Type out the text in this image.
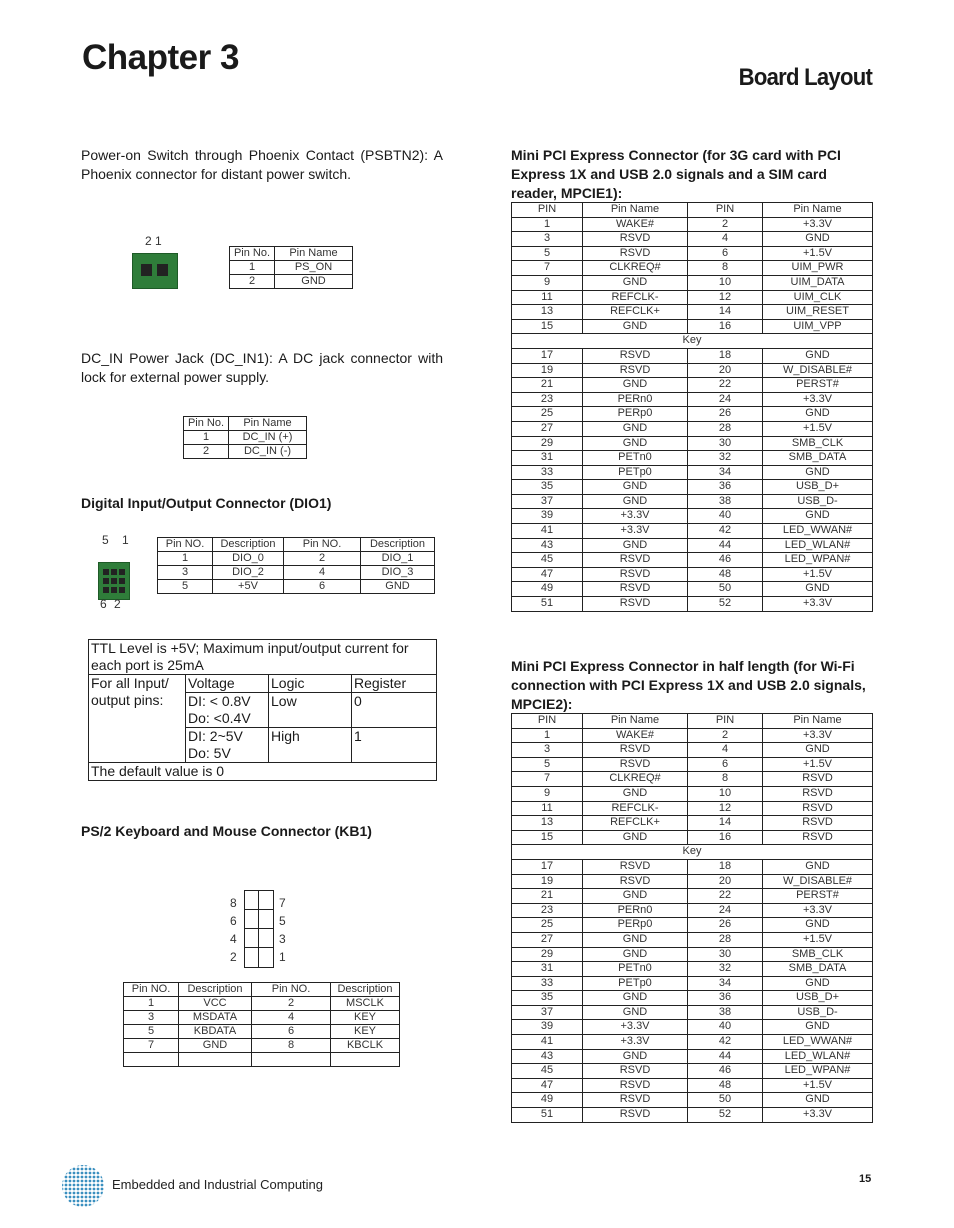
Chapter 3
Board Layout
Power-on Switch through Phoenix Contact (PSBTN2): A Phoenix connector for distant power switch.
2 1
Pin No.	Pin Name
1	PS_ON
2	GND
DC_IN Power Jack (DC_IN1): A DC jack connector with lock for external power supply.
Pin No.	Pin Name
1	DC_IN (+)
2	DC_IN (-)
Digital Input/Output Connector (DIO1)
5 1
6 2
Pin NO.	Description	Pin NO.	Description
1	DIO_0	2	DIO_1
3	DIO_2	4	DIO_3
5	+5V	6	GND
TTL Level is +5V; Maximum input/output current for each port is 25mA			
For all Input/ output pins:	Voltage	Logic	Register
	DI: < 0.8V Do: <0.4V	Low	0
	DI: 2~5V Do: 5V	High	1
The default value is 0			
PS/2 Keyboard and Mouse Connector (KB1)
8
6
4
2
7
5
3
1
Pin NO.	Description	Pin NO.	Description
1	VCC	2	MSCLK
3	MSDATA	4	KEY
5	KBDATA	6	KEY
7	GND	8	KBCLK

Mini PCI Express Connector (for 3G card with PCI Express 1X and USB 2.0 signals and a SIM card reader, MPCIE1):
PIN	Pin Name	PIN	Pin Name
1	WAKE#	2	+3.3V
3	RSVD	4	GND
5	RSVD	6	+1.5V
7	CLKREQ#	8	UIM_PWR
9	GND	10	UIM_DATA
11	REFCLK-	12	UIM_CLK
13	REFCLK+	14	UIM_RESET
15	GND	16	UIM_VPP
Key			
17	RSVD	18	GND
19	RSVD	20	W_DISABLE#
21	GND	22	PERST#
23	PERn0	24	+3.3V
25	PERp0	26	GND
27	GND	28	+1.5V
29	GND	30	SMB_CLK
31	PETn0	32	SMB_DATA
33	PETp0	34	GND
35	GND	36	USB_D+
37	GND	38	USB_D-
39	+3.3V	40	GND
41	+3.3V	42	LED_WWAN#
43	GND	44	LED_WLAN#
45	RSVD	46	LED_WPAN#
47	RSVD	48	+1.5V
49	RSVD	50	GND
51	RSVD	52	+3.3V
Mini PCI Express Connector in half length (for Wi-Fi connection with PCI Express 1X and USB 2.0 signals, MPCIE2):
PIN	Pin Name	PIN	Pin Name
1	WAKE#	2	+3.3V
3	RSVD	4	GND
5	RSVD	6	+1.5V
7	CLKREQ#	8	RSVD
9	GND	10	RSVD
11	REFCLK-	12	RSVD
13	REFCLK+	14	RSVD
15	GND	16	RSVD
Key			
17	RSVD	18	GND
19	RSVD	20	W_DISABLE#
21	GND	22	PERST#
23	PERn0	24	+3.3V
25	PERp0	26	GND
27	GND	28	+1.5V
29	GND	30	SMB_CLK
31	PETn0	32	SMB_DATA
33	PETp0	34	GND
35	GND	36	USB_D+
37	GND	38	USB_D-
39	+3.3V	40	GND
41	+3.3V	42	LED_WWAN#
43	GND	44	LED_WLAN#
45	RSVD	46	LED_WPAN#
47	RSVD	48	+1.5V
49	RSVD	50	GND
51	RSVD	52	+3.3V
Embedded and Industrial Computing	15
